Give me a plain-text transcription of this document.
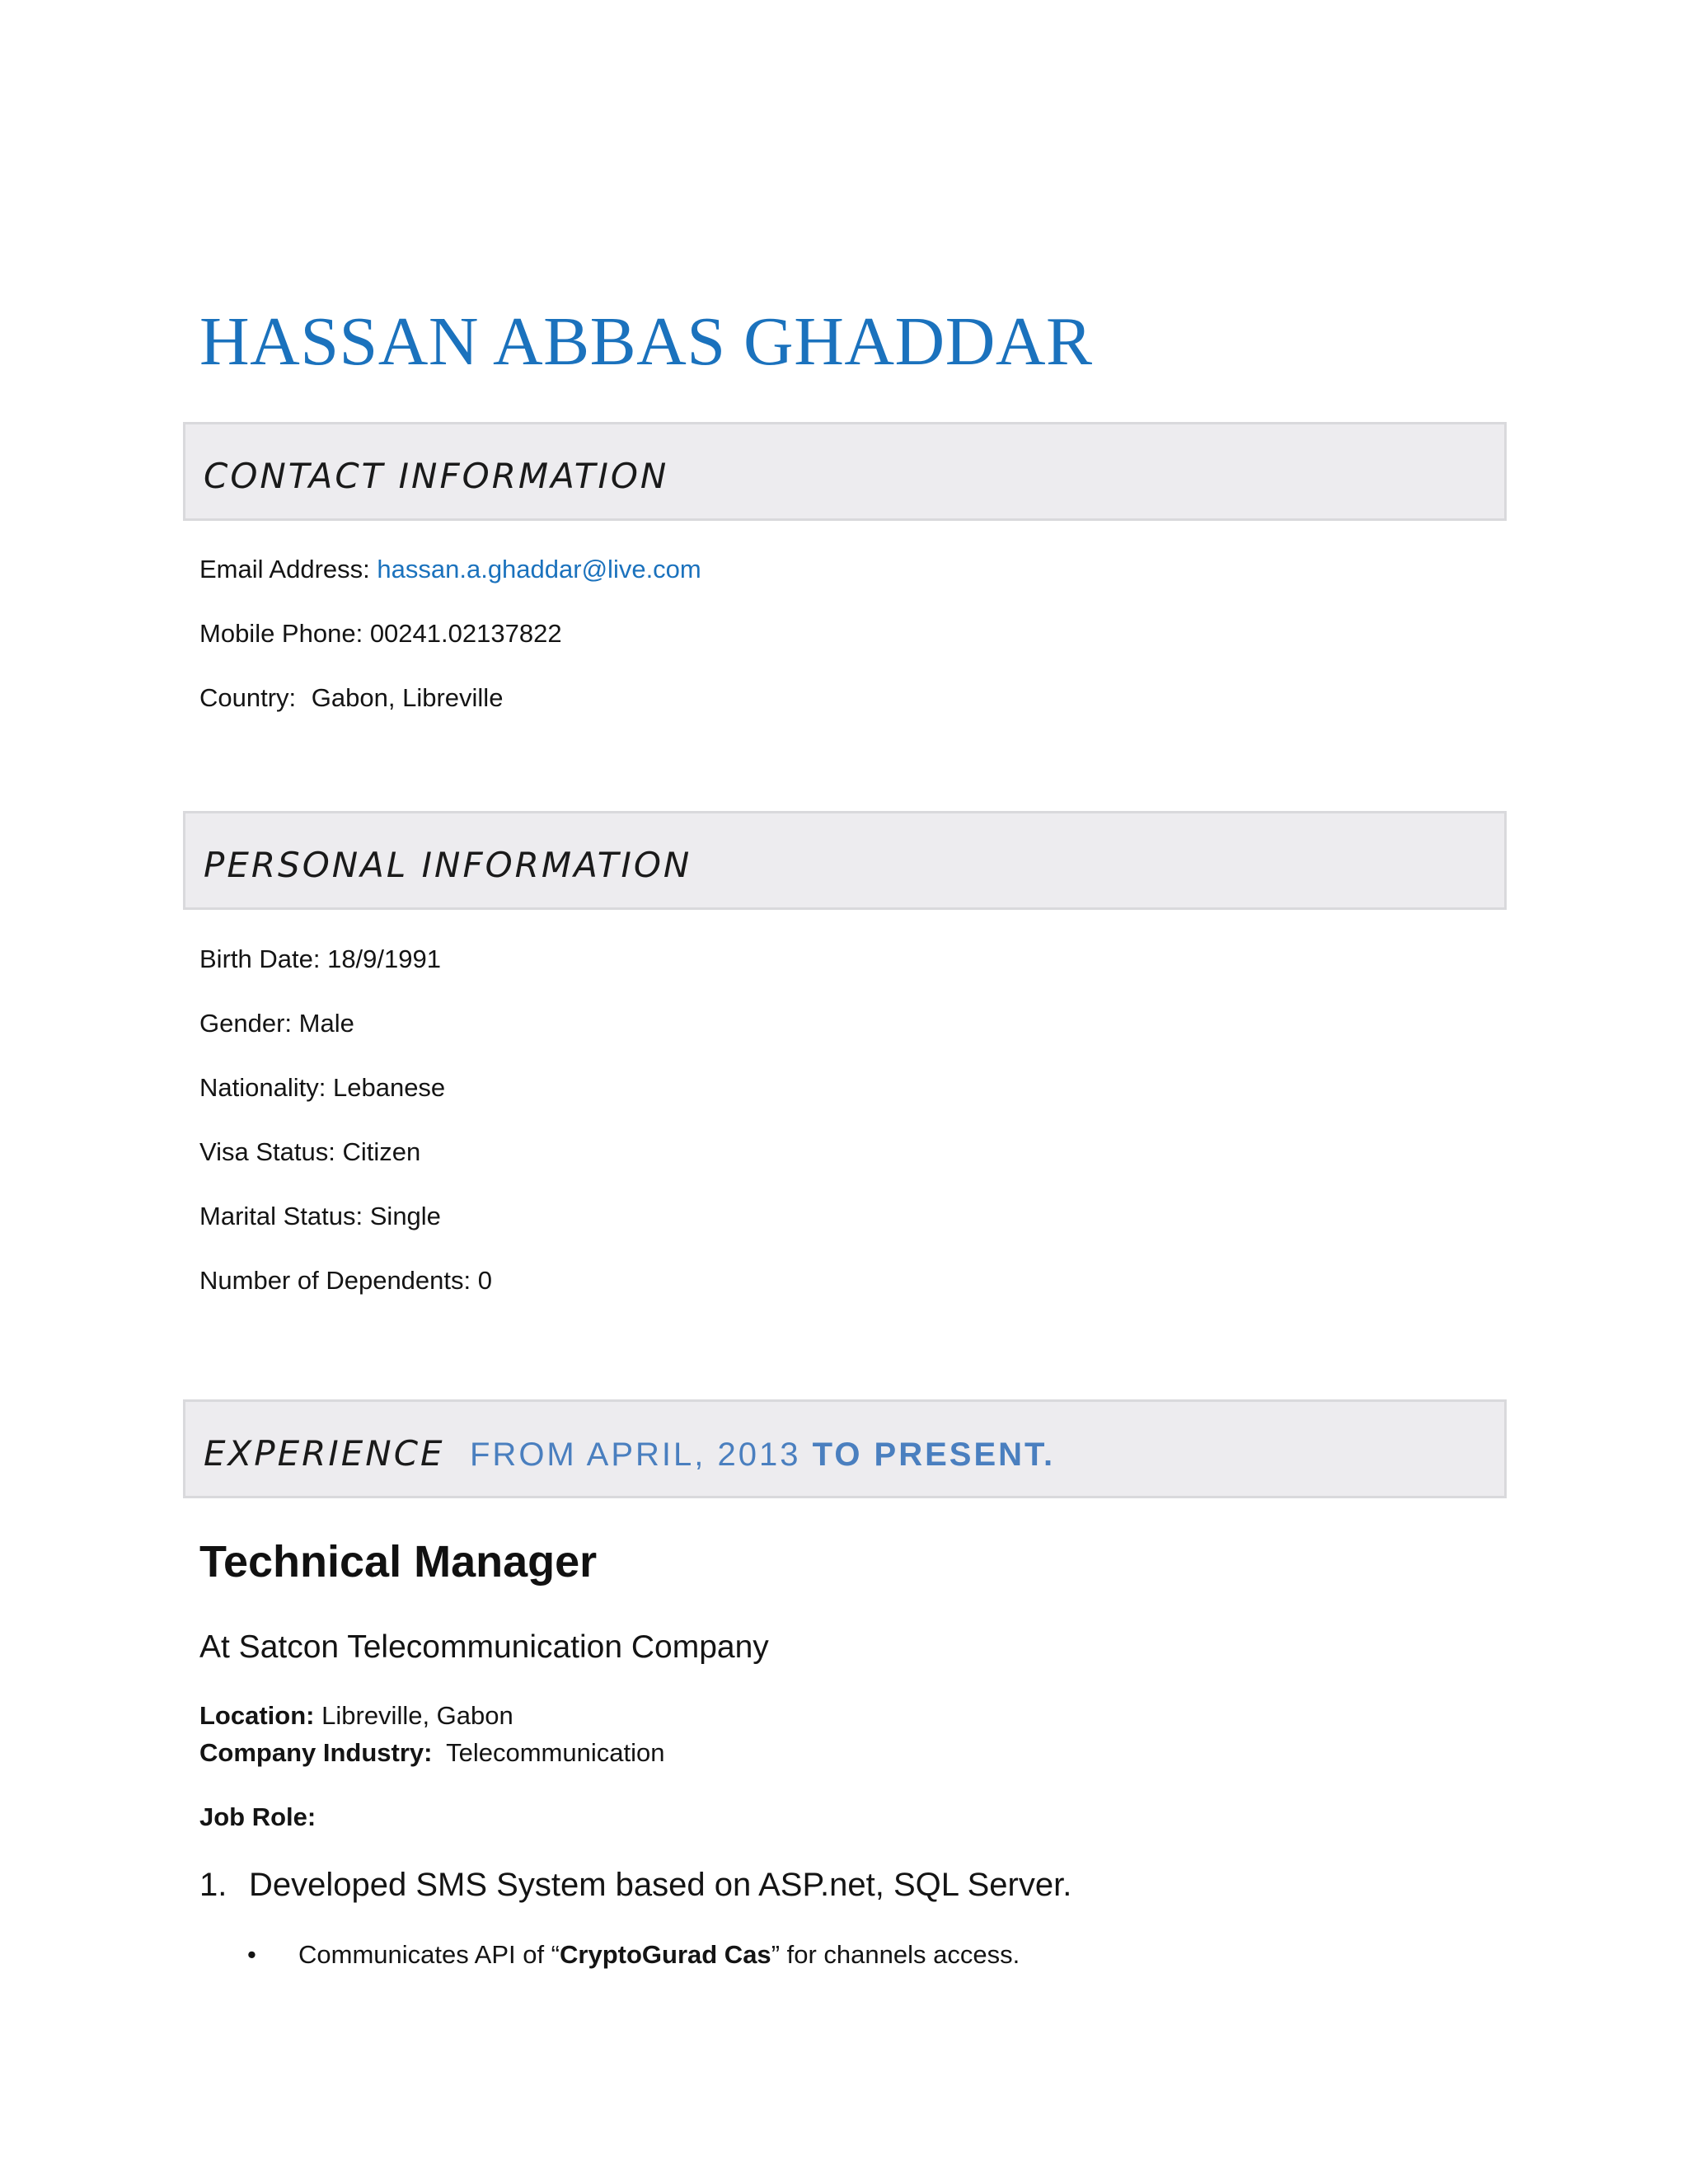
HASSAN ABBAS GHADDAR
CONTACT INFORMATION
Email Address: hassan.a.ghaddar@live.com
Mobile Phone: 00241.02137822
Country: Gabon, Libreville
PERSONAL INFORMATION
Birth Date: 18/9/1991
Gender: Male
Nationality: Lebanese
Visa Status: Citizen
Marital Status: Single
Number of Dependents: 0
EXPERIENCE FROM APRIL, 2013 TO PRESENT.
Technical Manager
At Satcon Telecommunication Company
Location: Libreville, Gabon
Company Industry: Telecommunication
Job Role:
1. Developed SMS System based on ASP.net, SQL Server.
• Communicates API of “CryptoGurad Cas” for channels access.
